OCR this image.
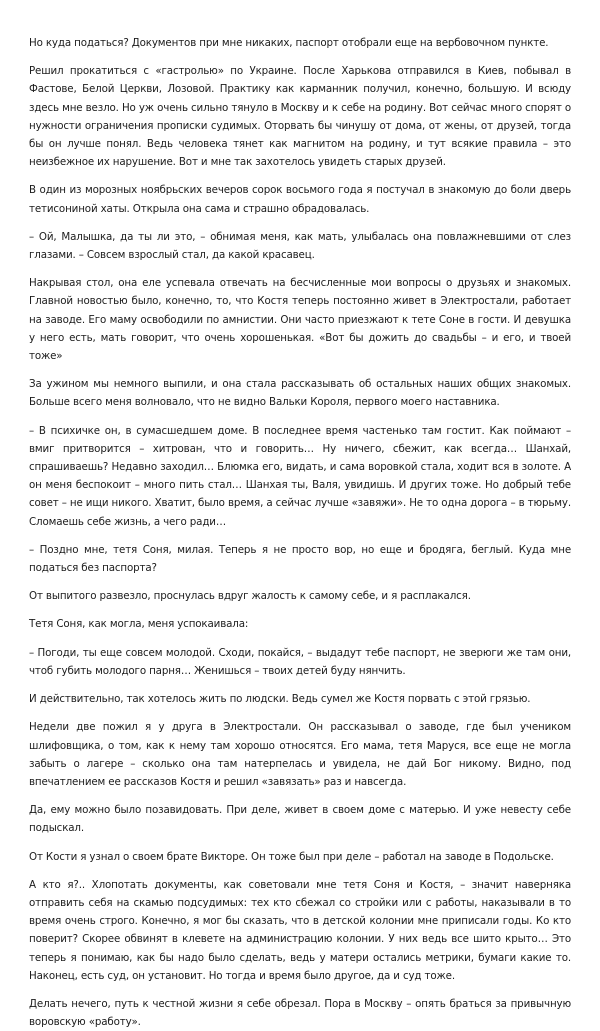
Но куда податься? Документов при мне никаких, паспорт отобрали еще на вербовочном пункте.

Решил прокатиться с «гастролью» по Украине. После Харькова отправился в Киев, побывал в Фастове, Белой Церкви, Лозовой. Практику как карманник получил, конечно, большую. И всюду здесь мне везло. Но уж очень сильно тянуло в Москву и к себе на родину. Вот сейчас много спорят о нужности ограничения прописки судимых. Оторвать бы чинушу от дома, от жены, от друзей, тогда бы он лучше понял. Ведь человека тянет как магнитом на родину, и тут всякие правила – это неизбежное их нарушение. Вот и мне так захотелось увидеть старых друзей.

В один из морозных ноябрьских вечеров сорок восьмого года я постучал в знакомую до боли дверь тетисониной хаты. Открыла она сама и страшно обрадовалась.

– Ой, Малышка, да ты ли это, – обнимая меня, как мать, улыбалась она повлажневшими от слез глазами. – Совсем взрослый стал, да какой красавец.

Накрывая стол, она еле успевала отвечать на бесчисленные мои вопросы о друзьях и знакомых. Главной новостью было, конечно, то, что Костя теперь постоянно живет в Электростали, работает на заводе. Его маму освободили по амнистии. Они часто приезжают к тете Соне в гости. И девушка у него есть, мать говорит, что очень хорошенькая. «Вот бы дожить до свадьбы – и его, и твоей тоже»

За ужином мы немного выпили, и она стала рассказывать об остальных наших общих знакомых. Больше всего меня волновало, что не видно Вальки Короля, первого моего наставника.

– В психичке он, в сумасшедшем доме. В последнее время частенько там гостит. Как поймают – вмиг притворится – хитрован, что и говорить… Ну ничего, сбежит, как всегда… Шанхай, спрашиваешь? Недавно заходил… Блюмка его, видать, и сама воровкой стала, ходит вся в золоте. А он меня беспокоит – много пить стал… Шанхая ты, Валя, увидишь. И других тоже. Но добрый тебе совет – не ищи никого. Хватит, было время, а сейчас лучше «завяжи». Не то одна дорога – в тюрьму. Сломаешь себе жизнь, а чего ради…

– Поздно мне, тетя Соня, милая. Теперь я не просто вор, но еще и бродяга, беглый. Куда мне податься без паспорта?

От выпитого развезло, проснулась вдруг жалость к самому себе, и я расплакался.

Тетя Соня, как могла, меня успокаивала:

– Погоди, ты еще совсем молодой. Сходи, покайся, – выдадут тебе паспорт, не зверюги же там они, чтоб губить молодого парня… Женишься – твоих детей буду нянчить.

И действительно, так хотелось жить по людски. Ведь сумел же Костя порвать с этой грязью.

Недели две пожил я у друга в Электростали. Он рассказывал о заводе, где был учеником шлифовщика, о том, как к нему там хорошо относятся. Его мама, тетя Маруся, все еще не могла забыть о лагере – сколько она там натерпелась и увидела, не дай Бог никому. Видно, под впечатлением ее рассказов Костя и решил «завязать» раз и навсегда.

Да, ему можно было позавидовать. При деле, живет в своем доме с матерью. И уже невесту себе подыскал.

От Кости я узнал о своем брате Викторе. Он тоже был при деле – работал на заводе в Подольске.

А кто я?.. Хлопотать документы, как советовали мне тетя Соня и Костя, – значит наверняка отправить себя на скамью подсудимых: тех кто сбежал со стройки или с работы, наказывали в то время очень строго. Конечно, я мог бы сказать, что в детской колонии мне приписали годы. Ко кто поверит? Скорее обвинят в клевете на администрацию колонии. У них ведь все шито крыто… Это теперь я понимаю, как бы надо было сделать, ведь у матери остались метрики, бумаги какие то. Наконец, есть суд, он установит. Но тогда и время было другое, да и суд тоже.

Делать нечего, путь к честной жизни я себе обрезал. Пора в Москву – опять браться за привычную воровскую «работу».
